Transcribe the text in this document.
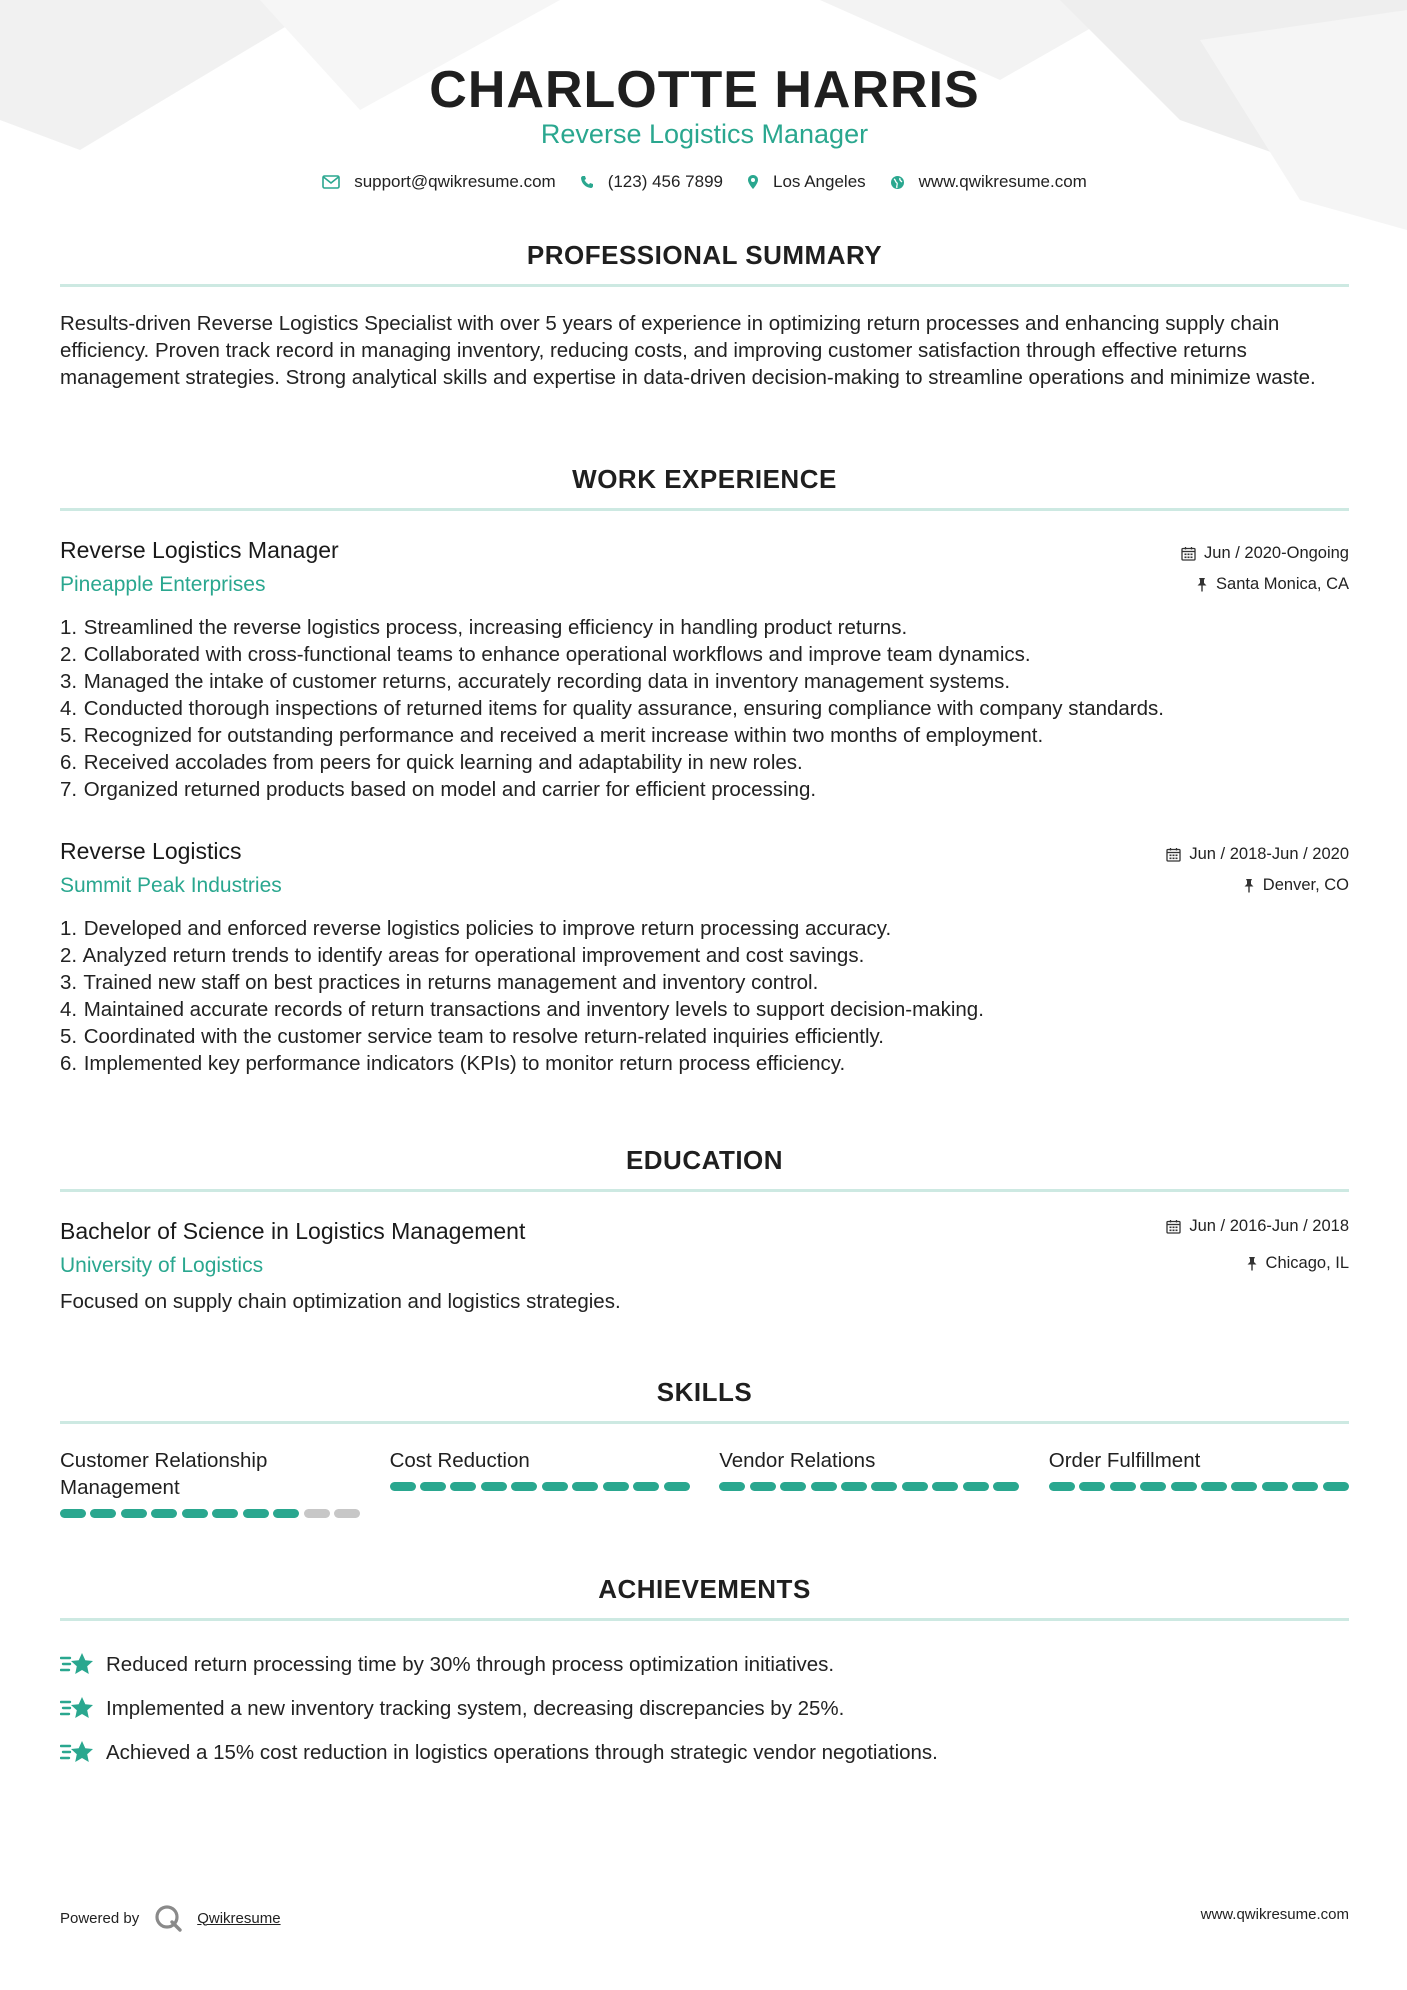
CHARLOTTE HARRIS
Reverse Logistics Manager
support@qwikresume.com	(123) 456 7899	Los Angeles	www.qwikresume.com
PROFESSIONAL SUMMARY

Results-driven Reverse Logistics Specialist with over 5 years of experience in optimizing return processes and enhancing supply chain efficiency. Proven track record in managing inventory, reducing costs, and improving customer satisfaction through effective returns management strategies. Strong analytical skills and expertise in data-driven decision-making to streamline operations and minimize waste.

WORK EXPERIENCE
Reverse Logistics Manager
Pineapple Enterprises
Jun / 2020-Ongoing
Santa Monica, CA
1. Streamlined the reverse logistics process, increasing efficiency in handling product returns.
2. Collaborated with cross-functional teams to enhance operational workflows and improve team dynamics.
3. Managed the intake of customer returns, accurately recording data in inventory management systems.
4. Conducted thorough inspections of returned items for quality assurance, ensuring compliance with company standards.
5. Recognized for outstanding performance and received a merit increase within two months of employment.
6. Received accolades from peers for quick learning and adaptability in new roles.
7. Organized returned products based on model and carrier for efficient processing.
Reverse Logistics
Summit Peak Industries
Jun / 2018-Jun / 2020
Denver, CO
1. Developed and enforced reverse logistics policies to improve return processing accuracy.
2. Analyzed return trends to identify areas for operational improvement and cost savings.
3. Trained new staff on best practices in returns management and inventory control.
4. Maintained accurate records of return transactions and inventory levels to support decision-making.
5. Coordinated with the customer service team to resolve return-related inquiries efficiently.
6. Implemented key performance indicators (KPIs) to monitor return process efficiency.
EDUCATION
Bachelor of Science in Logistics Management
University of Logistics
Jun / 2016-Jun / 2018
Chicago, IL
Focused on supply chain optimization and logistics strategies.
SKILLS
Customer Relationship Management
Cost Reduction	Vendor Relations	Order Fulfillment
ACHIEVEMENTS
Reduced return processing time by 30% through process optimization initiatives.
Implemented a new inventory tracking system, decreasing discrepancies by 25%.
Achieved a 15% cost reduction in logistics operations through strategic vendor negotiations.
Powered by	Qwikresume	www.qwikresume.com
